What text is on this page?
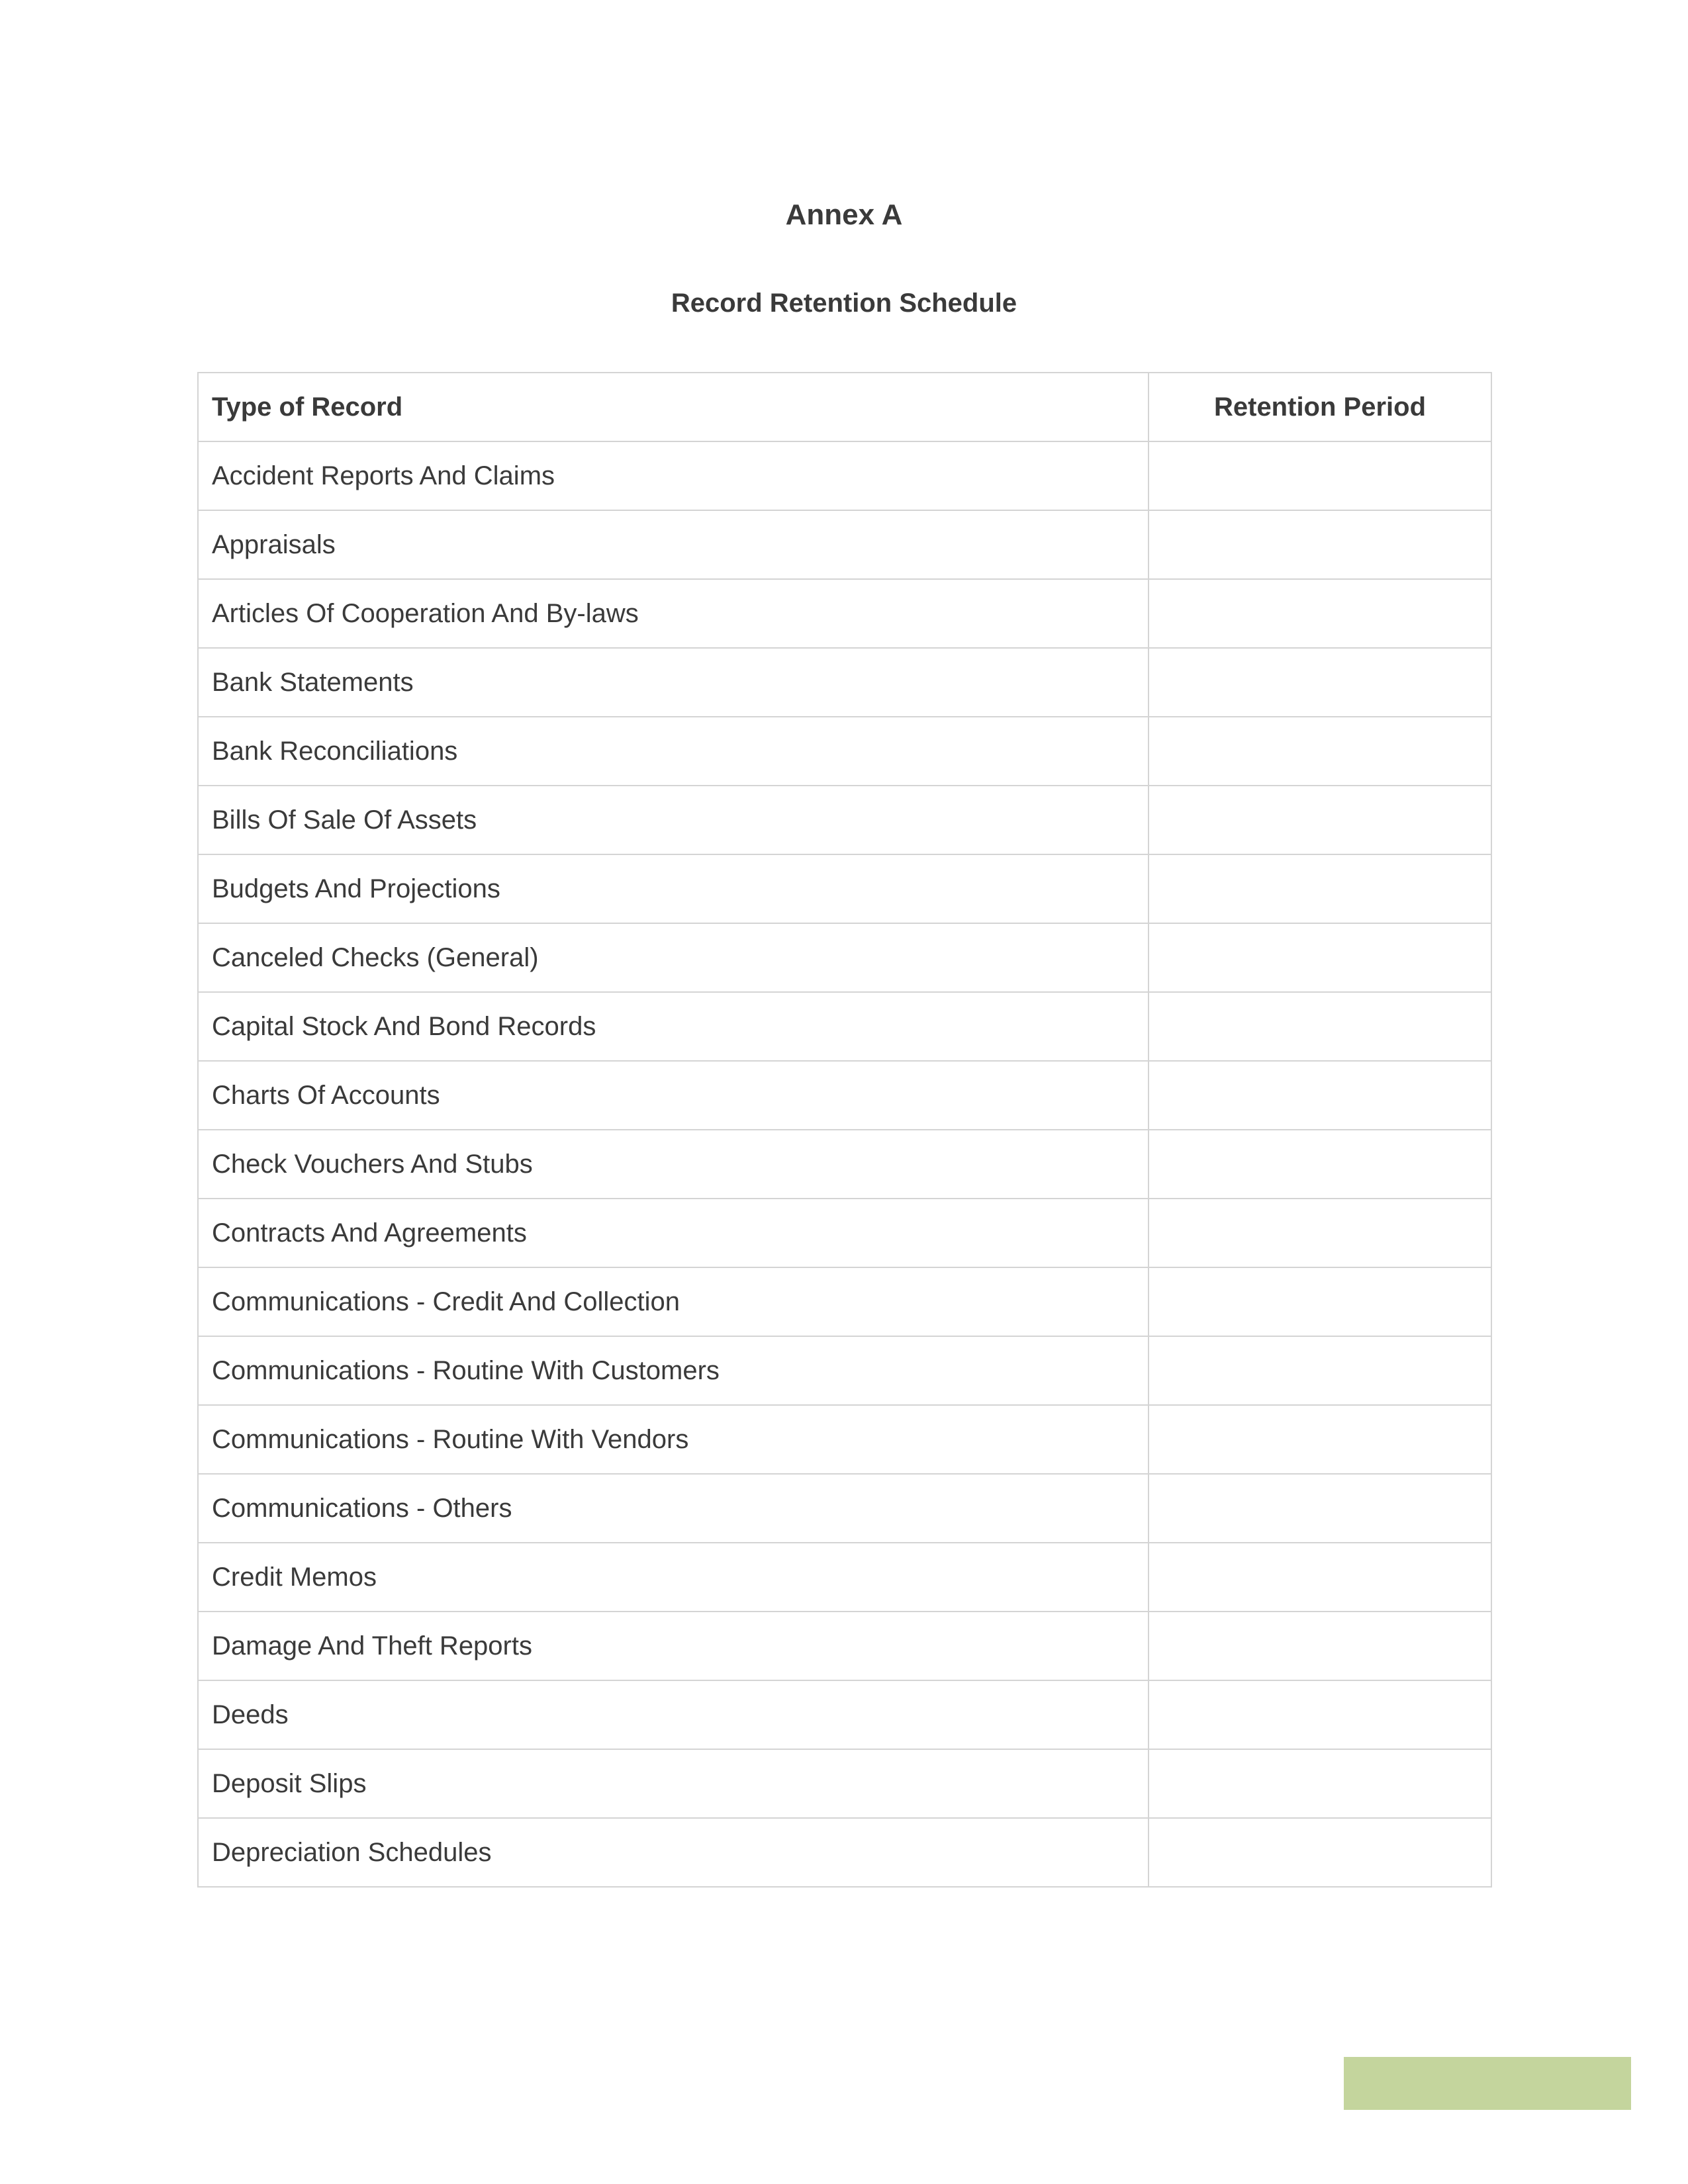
Annex A
Record Retention Schedule
Type of Record	Retention Period
Accident Reports And Claims	
Appraisals	
Articles Of Cooperation And By-laws	
Bank Statements	
Bank Reconciliations	
Bills Of Sale Of Assets	
Budgets And Projections	
Canceled Checks (General)	
Capital Stock And Bond Records	
Charts Of Accounts	
Check Vouchers And Stubs	
Contracts And Agreements	
Communications - Credit And Collection	
Communications - Routine With Customers	
Communications - Routine With Vendors	
Communications - Others	
Credit Memos	
Damage And Theft Reports	
Deeds	
Deposit Slips	
Depreciation Schedules	
